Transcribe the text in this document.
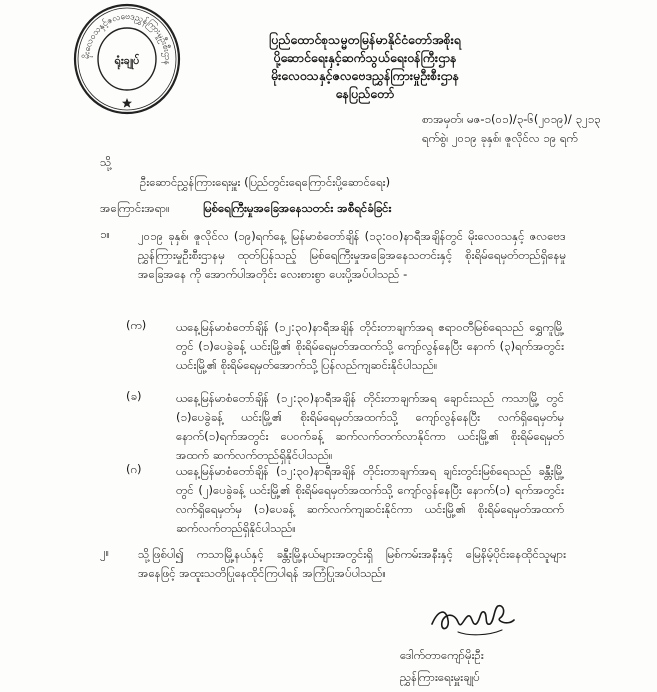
မိုးလေဝသနှင့်ဇလဗေဒညွှန်ကြားမှုဦးစီးဌာန
ရုံးချုပ်
ပြည်ထောင်စုသမ္မတမြန်မာနိုင်ငံတော်အစိုးရ
ပို့ဆောင်ရေးနှင့်ဆက်သွယ်ရေးဝန်ကြီးဌာန
မိုးလေဝသနှင့်ဇလဗေဒညွှန်ကြားမှုဦးစီးဌာန
နေပြည်တော်
စာအမှတ်၊ မဇ-၁(၀၁)/၃-၆(၂၀၁၉)/ ၃၂၁၃
ရက်စွဲ၊ ၂၀၁၉ ခုနှစ်၊ ဇူလိုင်လ ၁၉ ရက်
သို့
ဦးဆောင်ညွှန်ကြားရေးမှူး (ပြည်တွင်းရေကြောင်းပို့ဆောင်ရေး)
အကြောင်းအရာ။	မြစ်ရေကြီးမှုအခြေအနေသတင်း အစီရင်ခံခြင်း
၁။ ၂၀၁၉ ခုနှစ်၊ ဇူလိုင်လ (၁၉)ရက်နေ့ မြန်မာစံတော်ချိန် (၁၃:၀၀)နာရီအချိန်တွင် မိုးလေဝသနှင့် ဇလဗေဒ ညွှန်ကြားမှုဦးစီးဌာနမှ ထုတ်ပြန်သည့် မြစ်ရေကြီးမှုအခြေအနေသတင်းနှင့် စိုးရိမ်ရေမှတ်တည်ရှိနေမှု အခြေအနေ ကို အောက်ပါအတိုင်း လေးစားစွာ ပေးပို့အပ်ပါသည် -
(က)	ယနေ့မြန်မာစံတော်ချိန် (၁၂:၃၀)နာရီအချိန် တိုင်းတာချက်အရ ဧရာဝတီမြစ်ရေသည် ရွှေကူမြို့ တွင် (၁)ပေခွဲခန့် ယင်းမြို့၏ စိုးရိမ်ရေမှတ်အထက်သို့ ကျော်လွန်နေပြီး နောက် (၃)ရက်အတွင်း ယင်းမြို့၏ စိုးရိမ်ရေမှတ်အောက်သို့ ပြန်လည်ကျဆင်းနိုင်ပါသည်။
(ခ)	ယနေ့မြန်မာစံတော်ချိန် (၁၂:၃၀)နာရီအချိန် တိုင်းတာချက်အရ ချောင်းသည် ကသာမြို့ တွင် (၁)ပေခွဲခန့် ယင်းမြို့၏ စိုးရိမ်ရေမှတ်အထက်သို့ ကျော်လွန်နေပြီး လက်ရှိရေမှတ်မှ နောက်(၁)ရက်အတွင်း ပေ၀က်ခန့် ဆက်လက်တက်လာနိုင်ကာ ယင်းမြို့၏ စိုးရိမ်ရေမှတ် အထက် ဆက်လက်တည်ရှိနိုင်ပါသည်။
(ဂ)	ယနေ့မြန်မာစံတော်ချိန် (၁၂:၃၀)နာရီအချိန် တိုင်းတာချက်အရ ချင်းတွင်းမြစ်ရေသည် ခန္တီးမြို့တွင် (၂)ပေခွဲခန့် ယင်းမြို့၏ စိုးရိမ်ရေမှတ်အထက်သို့ ကျော်လွန်နေပြီး နောက်(၁) ရက်အတွင်း လက်ရှိရေမှတ်မှ (၁)ပေခန့် ဆက်လက်ကျဆင်းနိုင်ကာ ယင်းမြို့၏ စိုးရိမ်ရေမှတ်အထက် ဆက်လက်တည်ရှိနိုင်ပါသည်။
၂။	သို့ဖြစ်ပါ၍ ကသာမြို့နယ်နှင့် ခန္တီးမြို့နယ်များအတွင်းရှိ မြစ်ကမ်းအနီးနှင့် မြေနိမ့်ပိုင်းနေထိုင်သူများ အနေဖြင့် အထူးသတိပြုနေထိုင်ကြပါရန် အကြံပြုအပ်ပါသည်။
ဒေါက်တာကျော်မိုးဦး
ညွှန်ကြားရေးမှူးချုပ်
